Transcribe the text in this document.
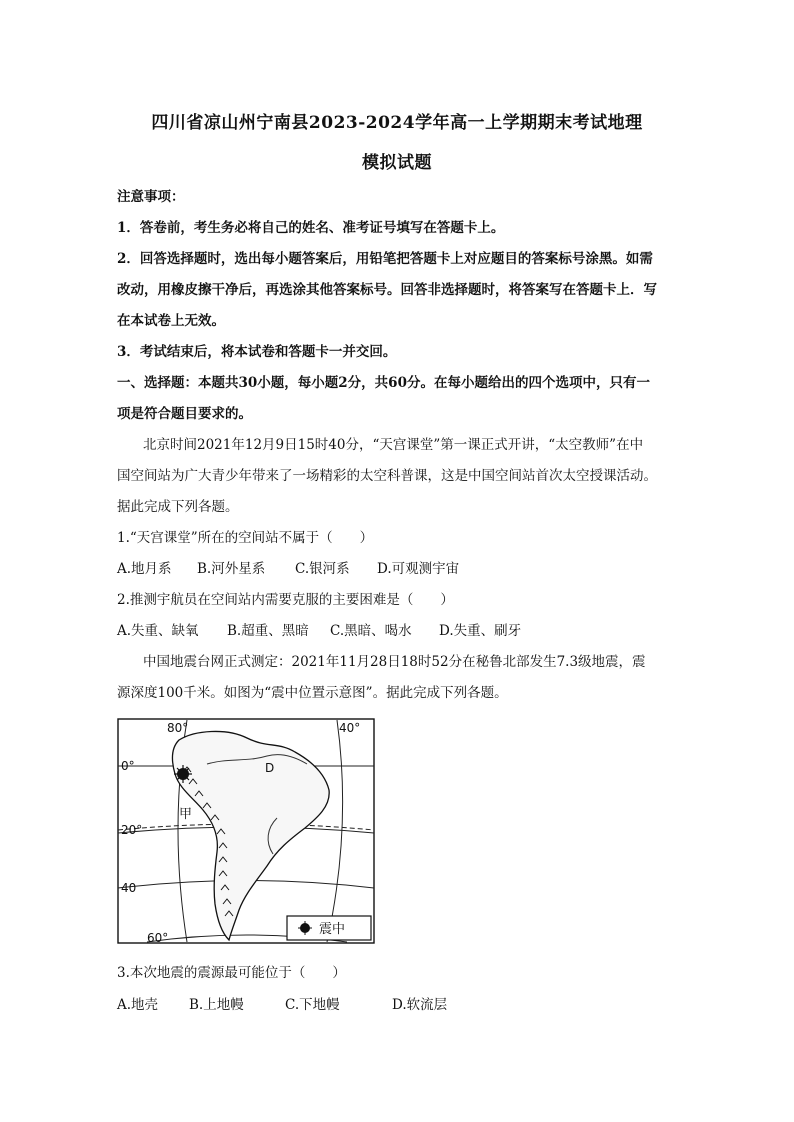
四川省凉山州宁南县2023-2024学年高一上学期期末考试地理
模拟试题
注意事项：
1．答卷前，考生务必将自己的姓名、准考证号填写在答题卡上。
2．回答选择题时，选出每小题答案后，用铅笔把答题卡上对应题目的答案标号涂黑。如需
改动，用橡皮擦干净后，再选涂其他答案标号。回答非选择题时，将答案写在答题卡上．写
在本试卷上无效。
3．考试结束后，将本试卷和答题卡一并交回。
一、选择题：本题共30小题，每小题2分，共60分。在每小题给出的四个选项中，只有一
项是符合题目要求的。
北京时间2021年12月9日15时40分，“天宫课堂”第一课正式开讲，“太空教师”在中
国空间站为广大青少年带来了一场精彩的太空科普课，这是中国空间站首次太空授课活动。
据此完成下列各题。
1.“天宫课堂”所在的空间站不属于（　　）
A.地月系 B.河外星系 C.银河系 D.可观测宇宙
2.推测宇航员在空间站内需要克服的主要困难是（　　）
A.失重、缺氧 B.超重、黑暗 C.黑暗、喝水 D.失重、刷牙
中国地震台网正式测定：2021年11月28日18时52分在秘鲁北部发生7.3级地震，震
源深度100千米。如图为“震中位置示意图”。据此完成下列各题。
80°	40°
0°
20°
40
60°
甲
D
震中
3.本次地震的震源最可能位于（　　）
A.地壳 B.上地幔	C.下地幔	D.软流层
